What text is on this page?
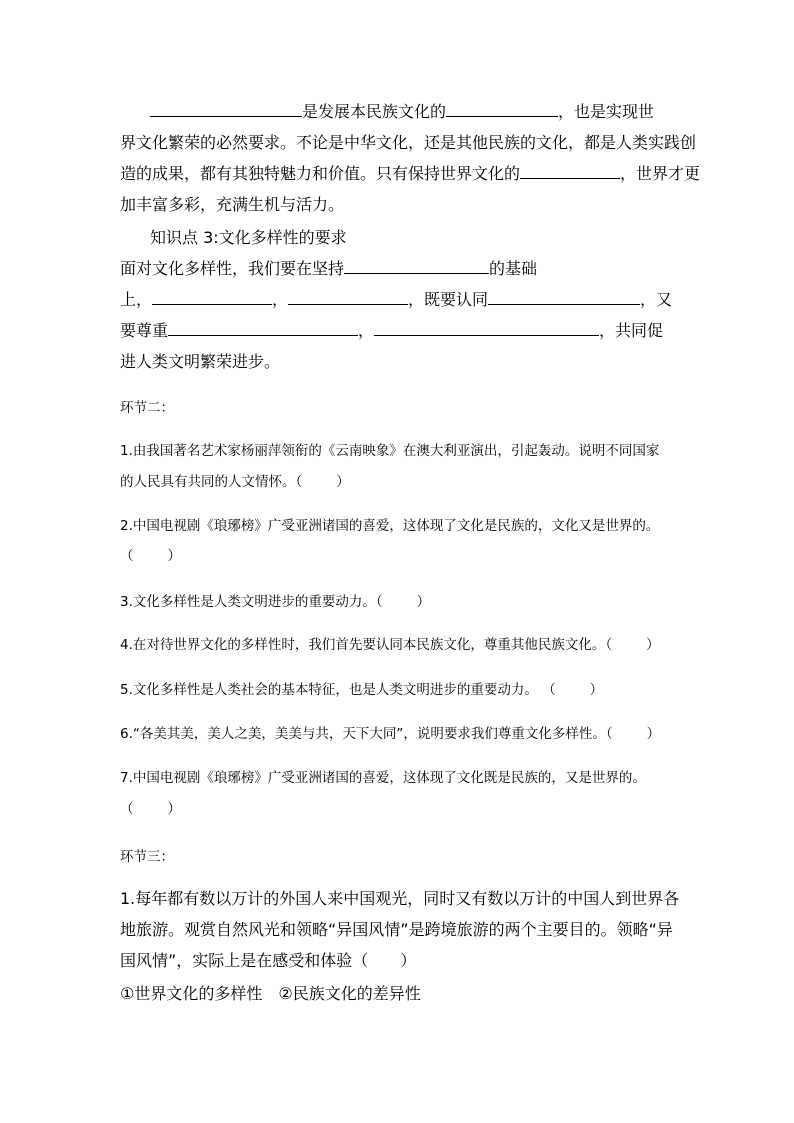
是发展本民族文化的	，也是实现世
界文化繁荣的必然要求。不论是中华文化，还是其他民族的文化，都是人类实践创
造的成果，都有其独特魅力和价值。只有保持世界文化的	，世界才更
加丰富多彩，充满生机与活力。
知识点 3:文化多样性的要求
面对文化多样性，我们要在坚持	的基础
上，	，	，既要认同	，又
要尊重	，	，共同促
进人类文明繁荣进步。
环节二：
1.由我国著名艺术家杨丽萍领衔的《云南映象》在澳大利亚演出，引起轰动。说明不同国家
的人民具有共同的人文情怀。（	）
2.中国电视剧《琅琊榜》广受亚洲诸国的喜爱，这体现了文化是民族的，文化又是世界的。
（	）
3.文化多样性是人类文明进步的重要动力。（	）
4.在对待世界文化的多样性时，我们首先要认同本民族文化，尊重其他民族文化。（	）
5.文化多样性是人类社会的基本特征，也是人类文明进步的重要动力。 （	）
6.“各美其美，美人之美，美美与共，天下大同”，说明要求我们尊重文化多样性。（	）
7.中国电视剧《琅琊榜》广受亚洲诸国的喜爱，这体现了文化既是民族的，又是世界的。
（	）
环节三：
1.每年都有数以万计的外国人来中国观光，同时又有数以万计的中国人到世界各
地旅游。观赏自然风光和领略“异国风情”是跨境旅游的两个主要目的。领略“异
国风情”，实际上是在感受和体验（　　）
①世界文化的多样性　②民族文化的差异性
